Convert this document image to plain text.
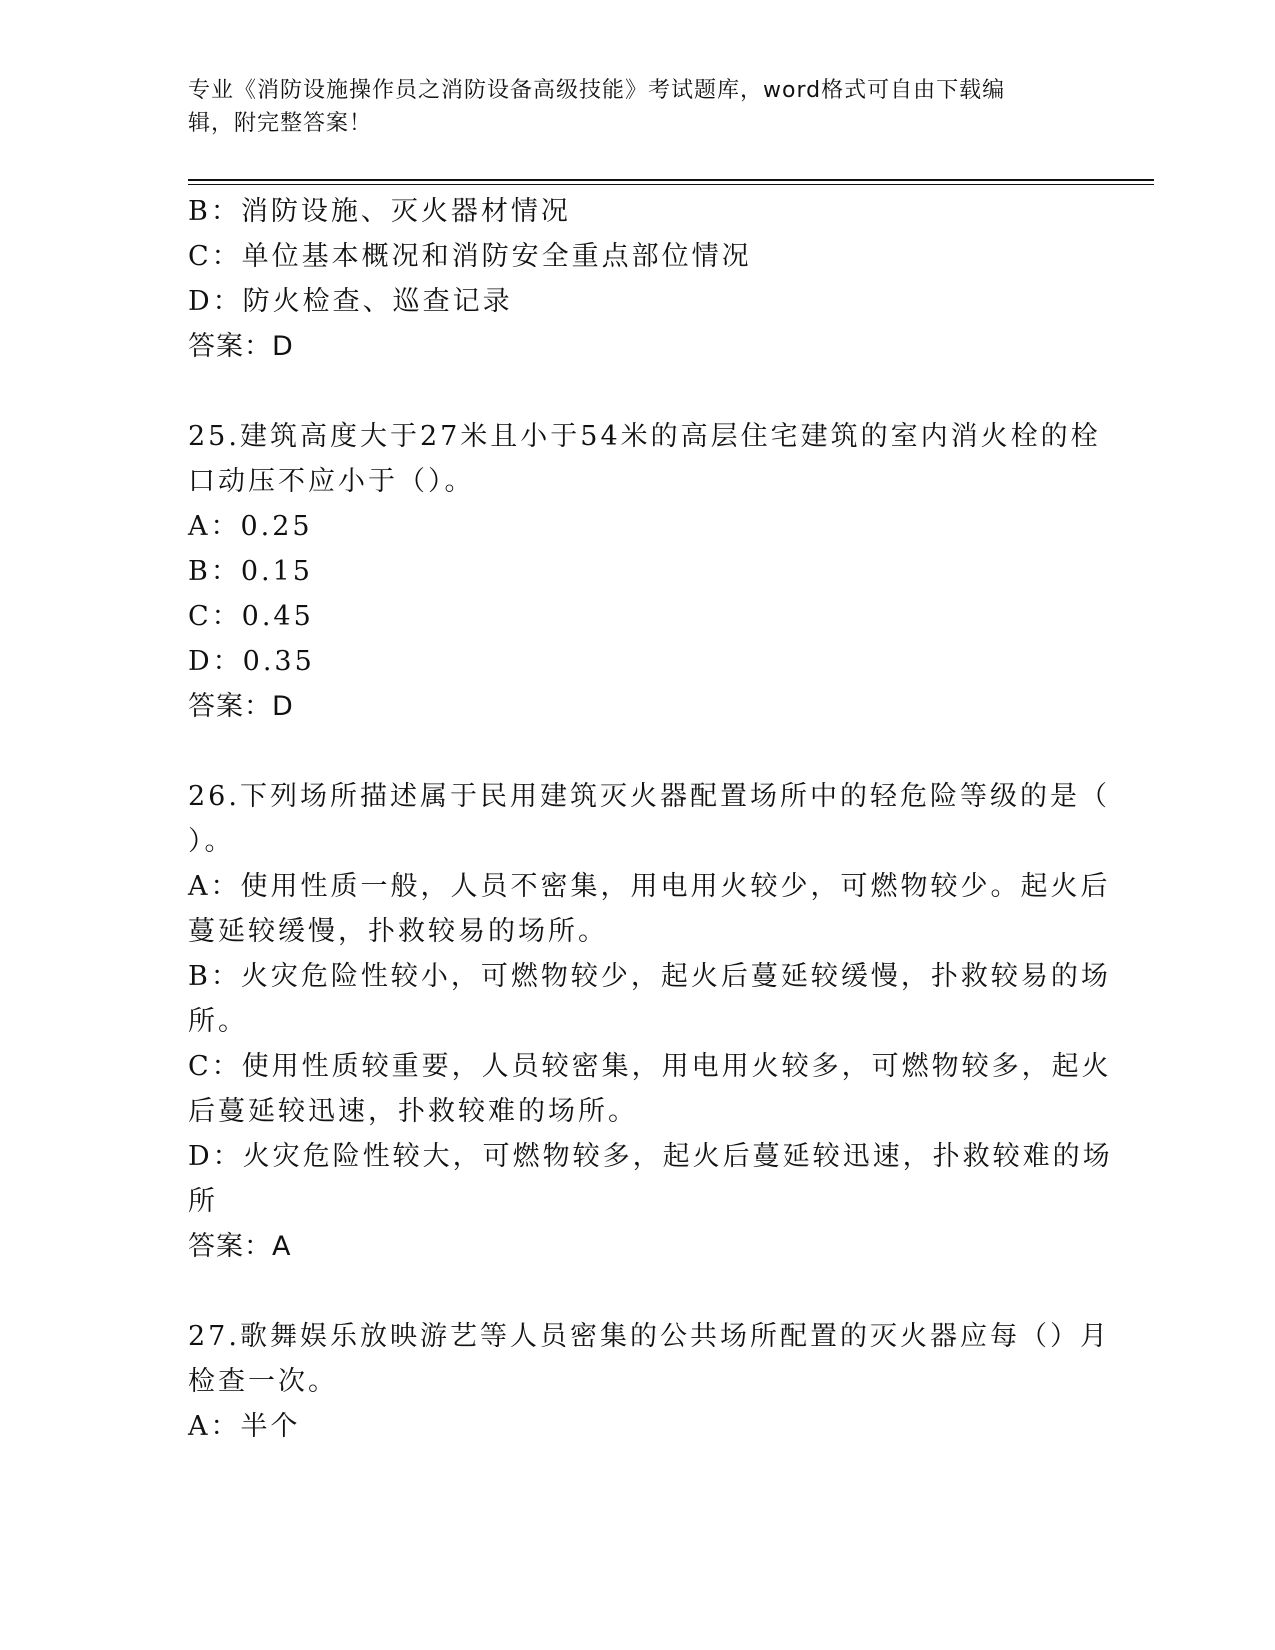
专业《消防设施操作员之消防设备高级技能》考试题库，word格式可自由下载编
辑，附完整答案！
B：消防设施、灭火器材情况
C：单位基本概况和消防安全重点部位情况
D：防火检查、巡查记录
答案：D
25.建筑高度大于27米且小于54米的高层住宅建筑的室内消火栓的栓
口动压不应小于（）。
A：0.25
B：0.15
C：0.45
D：0.35
答案：D
26.下列场所描述属于民用建筑灭火器配置场所中的轻危险等级的是（
）。
A：使用性质一般，人员不密集，用电用火较少，可燃物较少。起火后
蔓延较缓慢，扑救较易的场所。
B：火灾危险性较小，可燃物较少，起火后蔓延较缓慢，扑救较易的场
所。
C：使用性质较重要，人员较密集，用电用火较多，可燃物较多，起火
后蔓延较迅速，扑救较难的场所。
D：火灾危险性较大，可燃物较多，起火后蔓延较迅速，扑救较难的场
所
答案：A
27.歌舞娱乐放映游艺等人员密集的公共场所配置的灭火器应每（）月
检查一次。
A：半个
